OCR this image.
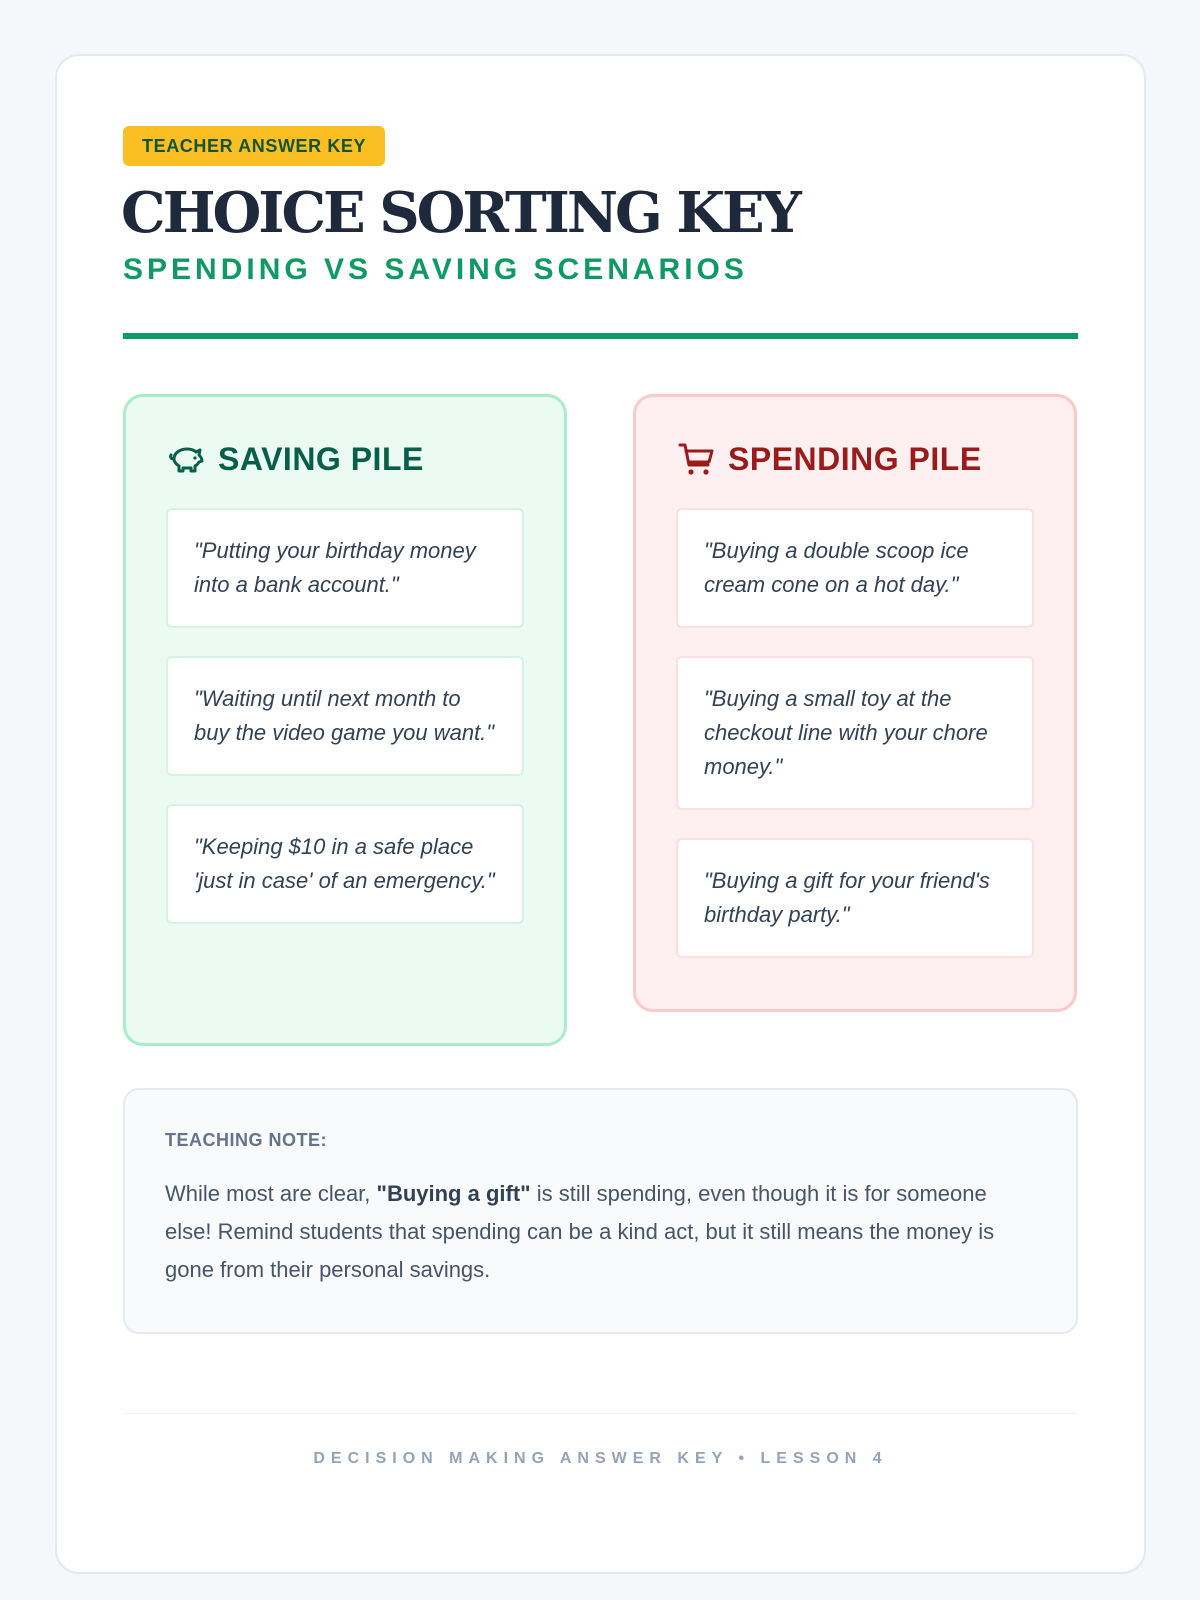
TEACHER ANSWER KEY
CHOICE SORTING KEY
SPENDING VS SAVING SCENARIOS
SAVING PILE
"Putting your birthday money into a bank account."
"Waiting until next month to buy the video game you want."
"Keeping $10 in a safe place 'just in case' of an emergency."
SPENDING PILE
"Buying a double scoop ice cream cone on a hot day."
"Buying a small toy at the checkout line with your chore money."
"Buying a gift for your friend's birthday party."
TEACHING NOTE:

While most are clear, "Buying a gift" is still spending, even though it is for someone else! Remind students that spending can be a kind act, but it still means the money is gone from their personal savings.

DECISION MAKING ANSWER KEY • LESSON 4
